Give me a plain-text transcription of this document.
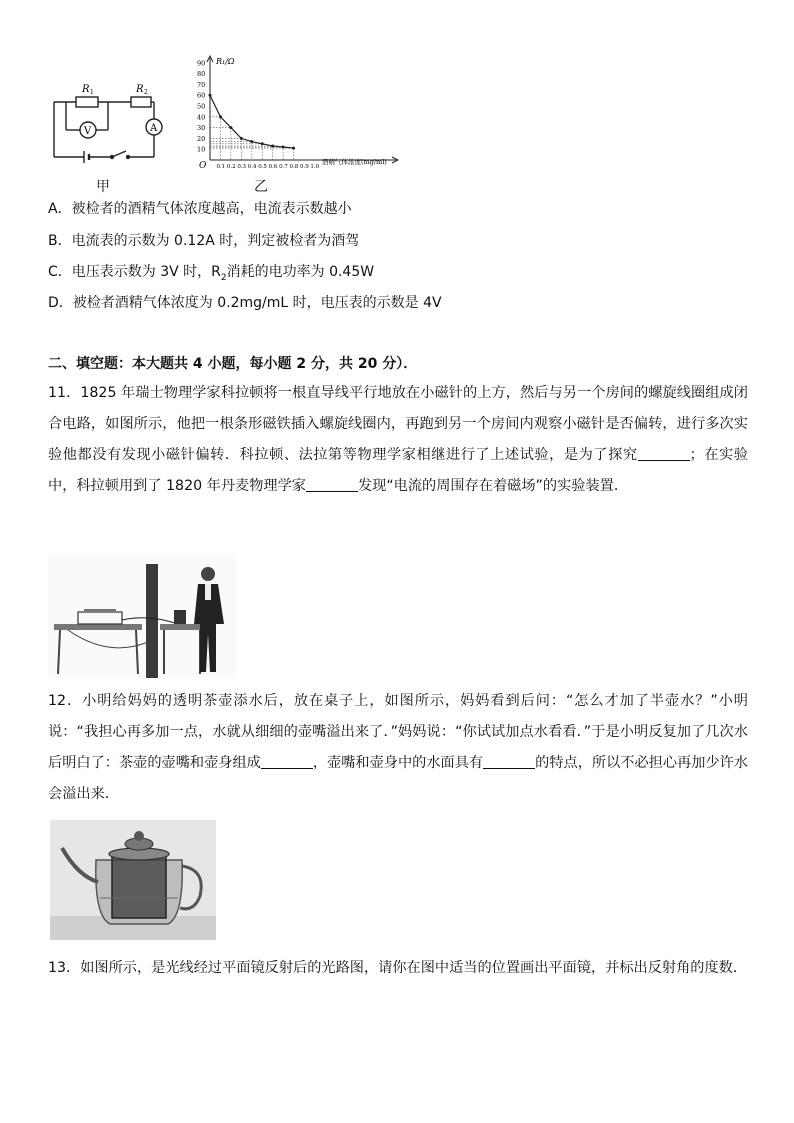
R 1	R 2
V	A
甲
R₁/Ω
O
90
80
70
60
50
40
30
20
10
0.1 0.2 0.3 0.4 0.5 0.6 0.7 0.8 0.9 1.0
酒精气体浓度(mg/ml)
乙
A．被检者的酒精气体浓度越高，电流表示数越小
B．电流表的示数为 0.12A 时，判定被检者为酒驾
C．电压表示数为 3V 时，$R_2$消耗的电功率为 0.45W
D．被检者酒精气体浓度为 0.2mg/mL 时，电压表的示数是 4V
二、填空题：本大题共 4 小题，每小题 2 分，共 20 分）．
11．1825 年瑞士物理学家科拉顿将一根直导线平行地放在小磁针的上方，然后与另一个房间的螺旋线圈组成闭合电路，如图所示，他把一根条形磁铁插入螺旋线圈内，再跑到另一个房间内观察小磁针是否偏转，进行多次实验他都没有发现小磁针偏转．科拉顿、法拉第等物理学家相继进行了上述试验，是为了探究	；在实验中，科拉顿用到了 1820 年丹麦物理学家	发现“电流的周围存在着磁场”的实验装置．
12．小明给妈妈的透明茶壶添水后，放在桌子上，如图所示，妈妈看到后问：“怎么才加了半壶水？”小明说：“我担心再多加一点，水就从细细的壶嘴溢出来了．”妈妈说：“你试试加点水看看．”于是小明反复加了几次水后明白了：茶壶的壶嘴和壶身组成	，壶嘴和壶身中的水面具有	的特点，所以不必担心再加少许水会溢出来．
13．如图所示，是光线经过平面镜反射后的光路图，请你在图中适当的位置画出平面镜，并标出反射角的度数．
